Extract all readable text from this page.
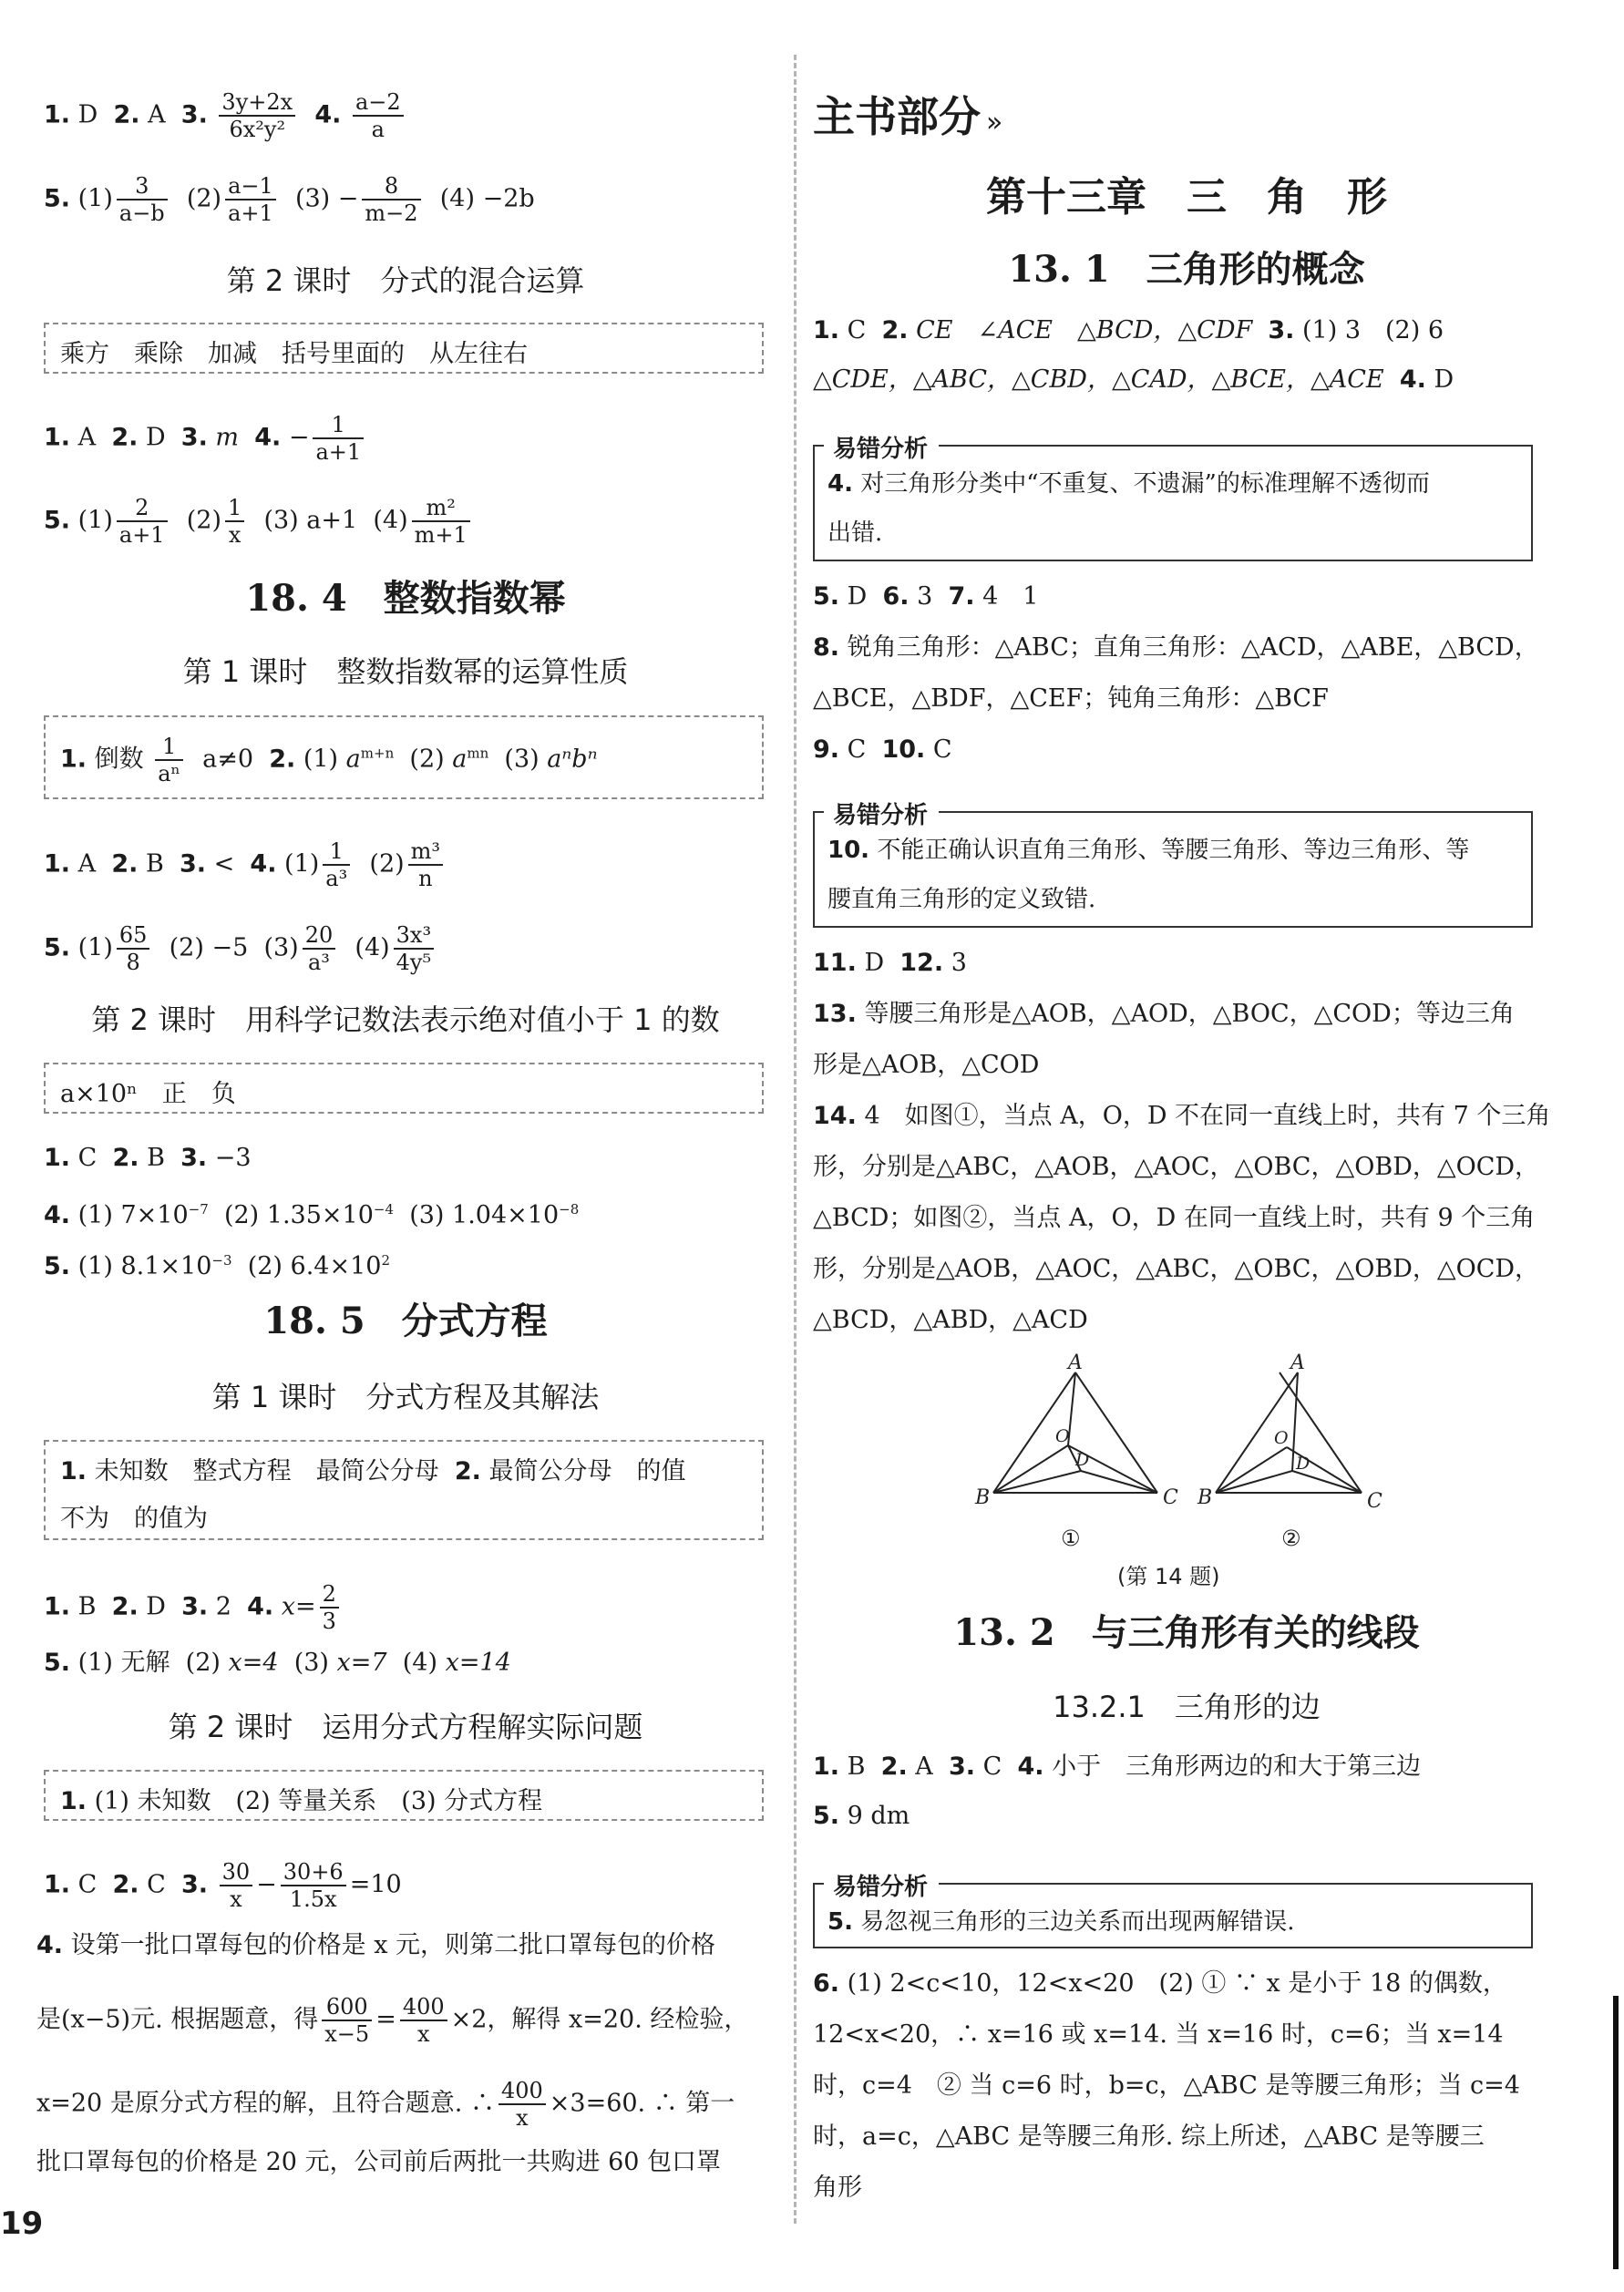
1. D 2. A 3. $\frac{3y+2x}{\text{6x²y²}} 4$. $\frac{a-2}{a}$
5. $(1) \frac{3}{a-b} (2) \frac{a-1}{a+1} (3) - \frac{8}{m-2} (4) -2b$
第 2 课时　分式的混合运算
乘方　乘除　加减　括号里面的　从左往右
1. A 2. D 3. m 4. − $\frac{1}{a+1}$
5. $(1) \frac{2}{a+1} (2) \frac{1}{x} (3)$ a+1 $(4) \frac{\text{m²}}{m+1}$
18. 4　整数指数幂
第 1 课时　整数指数幂的运算性质
1. 倒数 $\frac{1}{\text{aⁿ}} a\ne 0$ 2. (1) $a^{m+n}$ (2) $a^{mn}$ (3) aⁿbⁿ
1. A 2. B 3. < 4. $(1) \frac{1}{\text{a³}} (2) \frac{\text{m³}}{n}$
5. $(1) \frac{65}{8} (2) -5$ $(3) \frac{20}{\text{a³}} (4) \frac{\text{3x³}}{\text{4y⁵}}$
第 2 课时　用科学记数法表示绝对值小于 1 的数
a×10ⁿ　正　负
1. C 2. B 3. −3
4. (1) $7\times 10^{-7}$ (2) $1.35\times 10^{-4}$ (3) $1.04\times 10^{-8}$
5. (1) $8.1\times 10^{-3}$ (2) $6.4\times 10^2$
18. 5　分式方程
第 1 课时　分式方程及其解法
1. 未知数　整式方程　最简公分母 2. 最简公分母　的值
不为　的值为
1. B 2. D 3. 2 4. $x= \frac{2}{3}$
5. (1) 无解 (2) x=4 (3) x=7 (4) x=14
第 2 课时　运用分式方程解实际问题
1. (1) 未知数　(2) 等量关系　(3) 分式方程
1. C 2. C 3. $\frac{30}{x} - \frac{30+6}{1.5x} =10$
4. 设第一批口罩每包的价格是 x 元，则第二批口罩每包的价格
是(x−5)元. 根据题意，得 $\frac{600}{x-5} = \frac{400}{x} \times 2$，解得 x=20. 经检验，
x=20 是原分式方程的解，且符合题意. ∴ $\frac{400}{x} \times 3=60$. ∴ 第一
批口罩每包的价格是 20 元，公司前后两批一共购进 60 包口罩
19
主书部分 »
第十三章　三　角　形
13. 1　三角形的概念
1. C 2. CE　∠ACE　△BCD，△CDF 3. (1) 3　(2) 6
△CDE，△ABC，△CBD，△CAD，△BCE，△ACE 4. D
易错分析
4. 对三角形分类中“不重复、不遗漏”的标准理解不透彻而
出错.
5. D 6. 3 7. 4　1
8. 锐角三角形：△ABC；直角三角形：△ACD，△ABE，△BCD，
△BCE，△BDF，△CEF；钝角三角形：△BCF
9. C 10. C
易错分析
10. 不能正确认识直角三角形、等腰三角形、等边三角形、等
腰直角三角形的定义致错.
11. D 12. 3
13. 等腰三角形是△AOB，△AOD，△BOC，△COD；等边三角
形是△AOB，△COD
14. 4　如图①，当点 A，O，D 不在同一直线上时，共有 7 个三角
形，分别是△ABC，△AOB，△AOC，△OBC，△OBD，△OCD，
△BCD；如图②，当点 A，O，D 在同一直线上时，共有 9 个三角
形，分别是△AOB，△AOC，△ABC，△OBC，△OBD，△OCD，
△BCD，△ABD，△ACD
A
B	C
O
D
A
B	C
O
D
①	②
(第 14 题)
13. 2　与三角形有关的线段
13.2.1　三角形的边
1. B 2. A 3. C 4. 小于　三角形两边的和大于第三边
5. 9 dm
易错分析
5. 易忽视三角形的三边关系而出现两解错误.
6. (1) 2<c<10，12<x<20　(2) ① ∵ x 是小于 18 的偶数，
12<x<20，∴ x=16 或 x=14. 当 x=16 时，c=6；当 x=14
时，c=4　② 当 c=6 时，b=c，△ABC 是等腰三角形；当 c=4
时，a=c，△ABC 是等腰三角形. 综上所述，△ABC 是等腰三
角形
